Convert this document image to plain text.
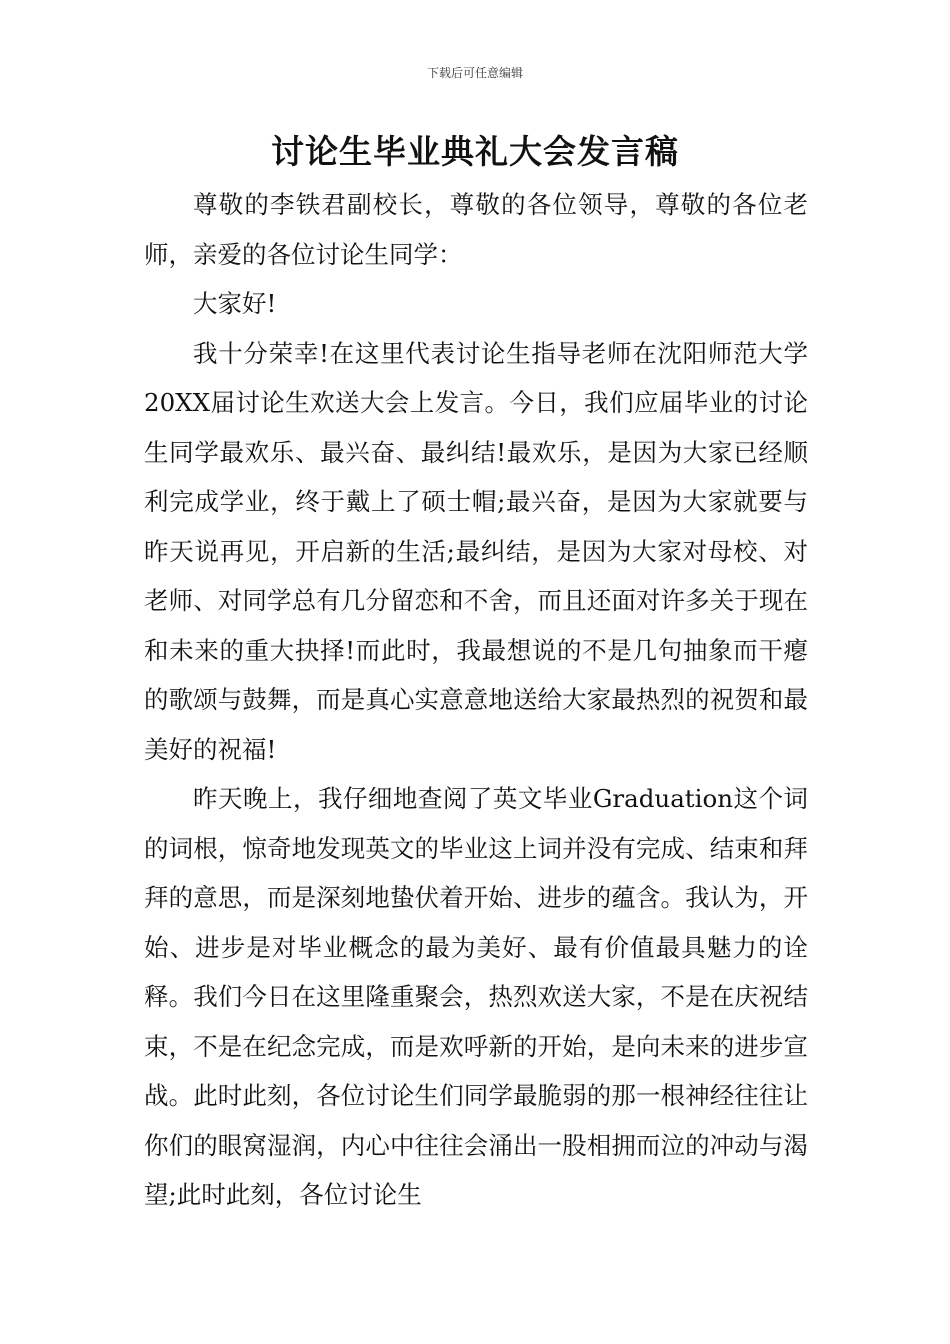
下载后可任意编辑
讨论生毕业典礼大会发言稿

尊敬的李铁君副校长，尊敬的各位领导，尊敬的各位老师，亲爱的各位讨论生同学：

大家好!

我十分荣幸!在这里代表讨论生指导老师在沈阳师范大学20XX届讨论生欢送大会上发言。今日，我们应届毕业的讨论生同学最欢乐、最兴奋、最纠结!最欢乐，是因为大家已经顺利完成学业，终于戴上了硕士帽;最兴奋，是因为大家就要与昨天说再见，开启新的生活;最纠结，是因为大家对母校、对老师、对同学总有几分留恋和不舍，而且还面对许多关于现在和未来的重大抉择!而此时，我最想说的不是几句抽象而干瘪的歌颂与鼓舞，而是真心实意意地送给大家最热烈的祝贺和最美好的祝福!

昨天晚上，我仔细地查阅了英文毕业Graduation这个词的词根，惊奇地发现英文的毕业这上词并没有完成、结束和拜拜的意思，而是深刻地蛰伏着开始、进步的蕴含。我认为，开始、进步是对毕业概念的最为美好、最有价值最具魅力的诠释。我们今日在这里隆重聚会，热烈欢送大家，不是在庆祝结束，不是在纪念完成，而是欢呼新的开始，是向未来的进步宣战。此时此刻，各位讨论生们同学最脆弱的那一根神经往往让你们的眼窝湿润，内心中往往会涌出一股相拥而泣的冲动与渴望;此时此刻，各位讨论生
